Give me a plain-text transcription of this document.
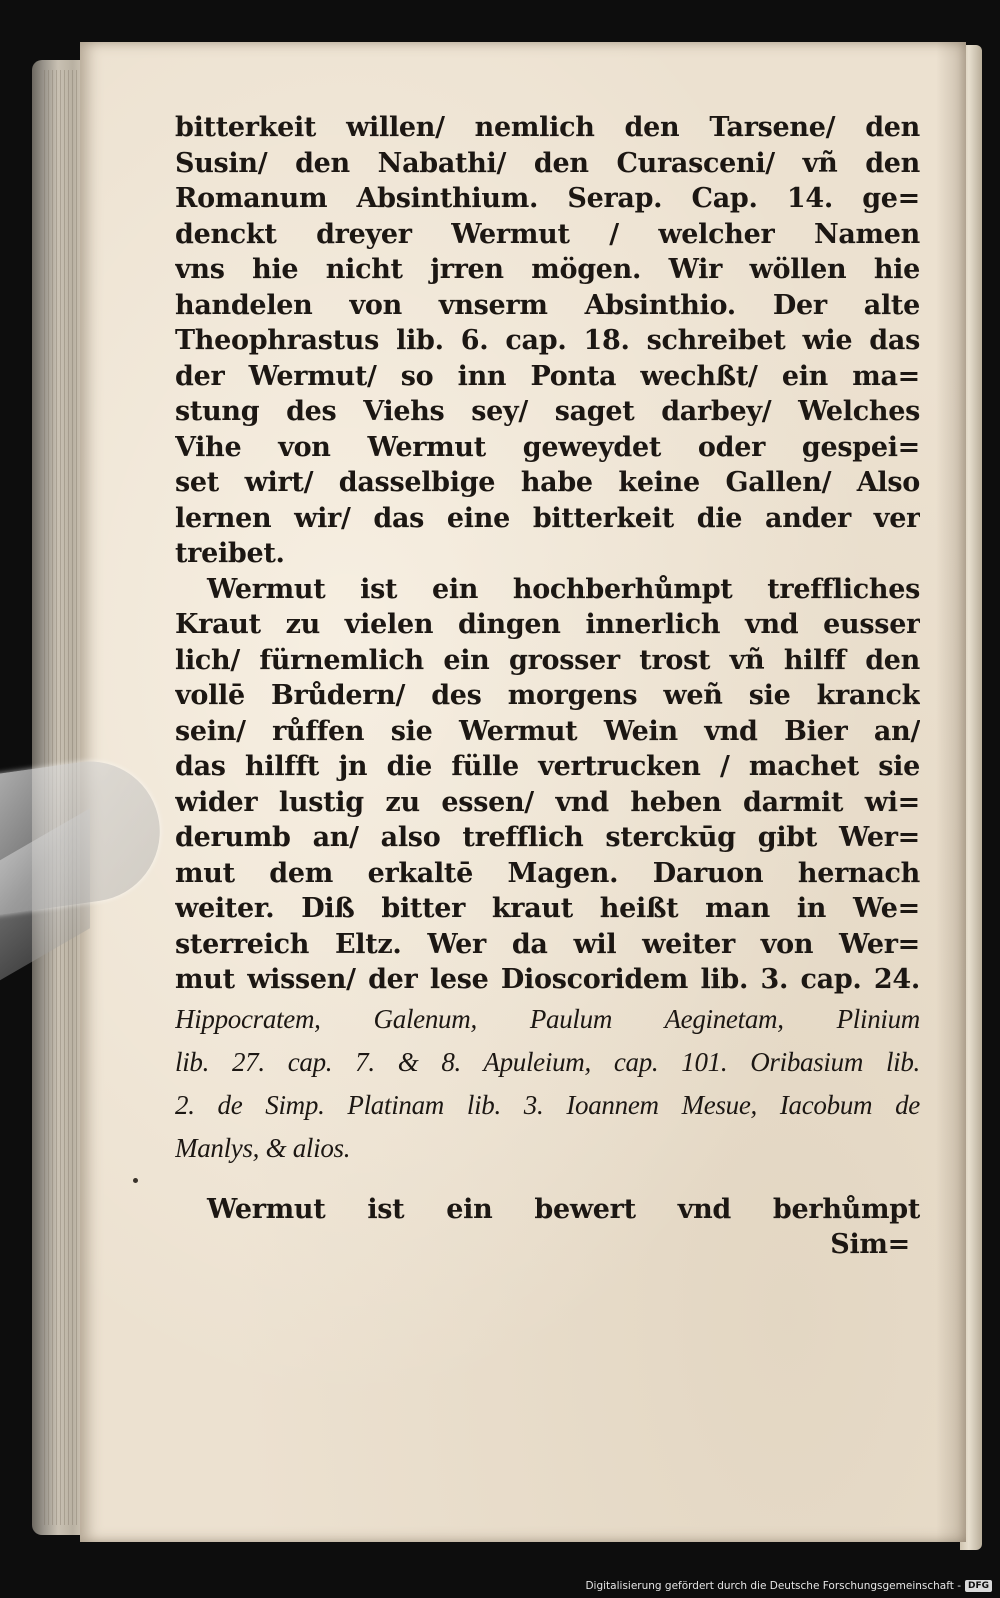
bitterkeit willen/ nemlich den Tarsene/ den
Susin/ den Nabathi/ den Curasceni/ vñ den
Romanum Absinthium. Serap. Cap. 14. ge=
denckt dreyer Wermut / welcher Namen
vns hie nicht jrren mögen. Wir wöllen hie
handelen von vnserm Absinthio. Der alte
Theophrastus lib. 6. cap. 18. schreibet wie das
der Wermut/ so inn Ponta wechßt/ ein ma=
stung des Viehs sey/ saget darbey/ Welches
Vihe von Wermut geweydet oder gespei=
set wirt/ dasselbige habe keine Gallen/ Also
lernen wir/ das eine bitterkeit die ander ver
treibet.
Wermut ist ein hochberhůmpt treffliches
Kraut zu vielen dingen innerlich vnd eusser
lich/ fürnemlich ein grosser trost vñ hilff den
vollē Brůdern/ des morgens weñ sie kranck
sein/ růffen sie Wermut Wein vnd Bier an/
das hilfft jn die fülle vertrucken / machet sie
wider lustig zu essen/ vnd heben darmit wi=
derumb an/ also trefflich sterckūg gibt Wer=
mut dem erkaltē Magen. Daruon hernach
weiter. Diß bitter kraut heißt man in We=
sterreich Eltz. Wer da wil weiter von Wer=
mut wissen/ der lese Dioscoridem lib. 3. cap. 24.
Hippocratem, Galenum, Paulum Aeginetam, Plinium
lib. 27. cap. 7. & 8. Apuleium, cap. 101. Oribasium lib.
2. de Simp. Platinam lib. 3. Ioannem Mesue, Iacobum de
Manlys, & alios.
Wermut ist ein bewert vnd berhůmpt
Sim=
Digitalisierung gefördert durch die Deutsche Forschungsgemeinschaft - DFG
